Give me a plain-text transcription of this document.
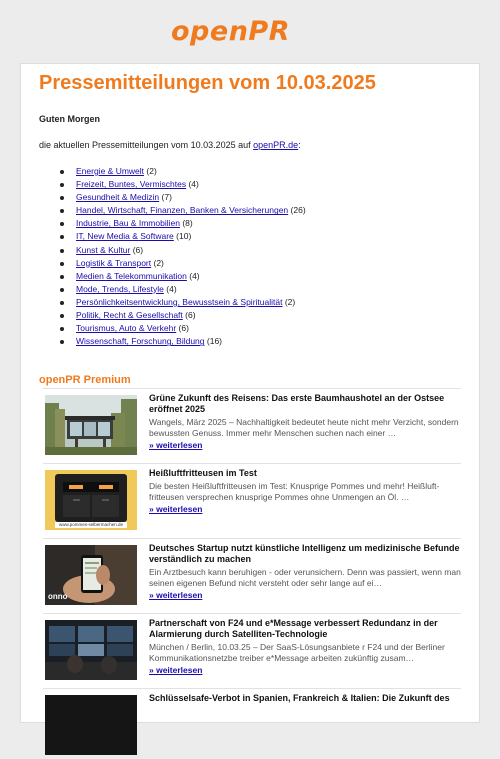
openPR
Pressemitteilungen vom 10.03.2025
Guten Morgen
die aktuellen Pressemitteilungen vom 10.03.2025 auf openPR.de:
Energie & Umwelt (2)
Freizeit, Buntes, Vermischtes (4)
Gesundheit & Medizin (7)
Handel, Wirtschaft, Finanzen, Banken & Versicherungen (26)
Industrie, Bau & Immobilien (8)
IT, New Media & Software (10)
Kunst & Kultur (6)
Logistik & Transport (2)
Medien & Telekommunikation (4)
Mode, Trends, Lifestyle (4)
Persönlichkeitsentwicklung, Bewusstsein & Spiritualität (2)
Politik, Recht & Gesellschaft (6)
Tourismus, Auto & Verkehr (6)
Wissenschaft, Forschung, Bildung (16)
openPR Premium
Grüne Zukunft des Reisens: Das erste Baumhaushotel an der Ostsee eröffnet 2025
Wangels, März 2025 – Nachhaltigkeit bedeutet heute nicht mehr Verzicht, sondern bewussten Genuss. Immer mehr Menschen suchen nach einer …
» weiterlesen
www.pommes-selbermachen.de
Heißluftfritteusen im Test
Die besten Heißluftfritteusen im Test: Knusprige Pommes und mehr! Heißluft-fritteusen versprechen knusprige Pommes ohne Unmengen an Öl. …
» weiterlesen
onno
Deutsches Startup nutzt künstliche Intelligenz um medizinische Befunde verständlich zu machen
Ein Arztbesuch kann beruhigen - oder verunsichern. Denn was passiert, wenn man seinen eigenen Befund nicht versteht oder sehr lange auf ei…
» weiterlesen
Partnerschaft von F24 und e*Message verbessert Redundanz in der Alarmierung durch Satelliten-Technologie
München / Berlin, 10.03.25 – Der SaaS-Lösungsanbiete r F24 und der Berliner Kommunikationsnetzbe treiber e*Message arbeiten zukünftig zusam…
» weiterlesen
Schlüsselsafe-Verbot in Spanien, Frankreich & Italien: Die Zukunft des
